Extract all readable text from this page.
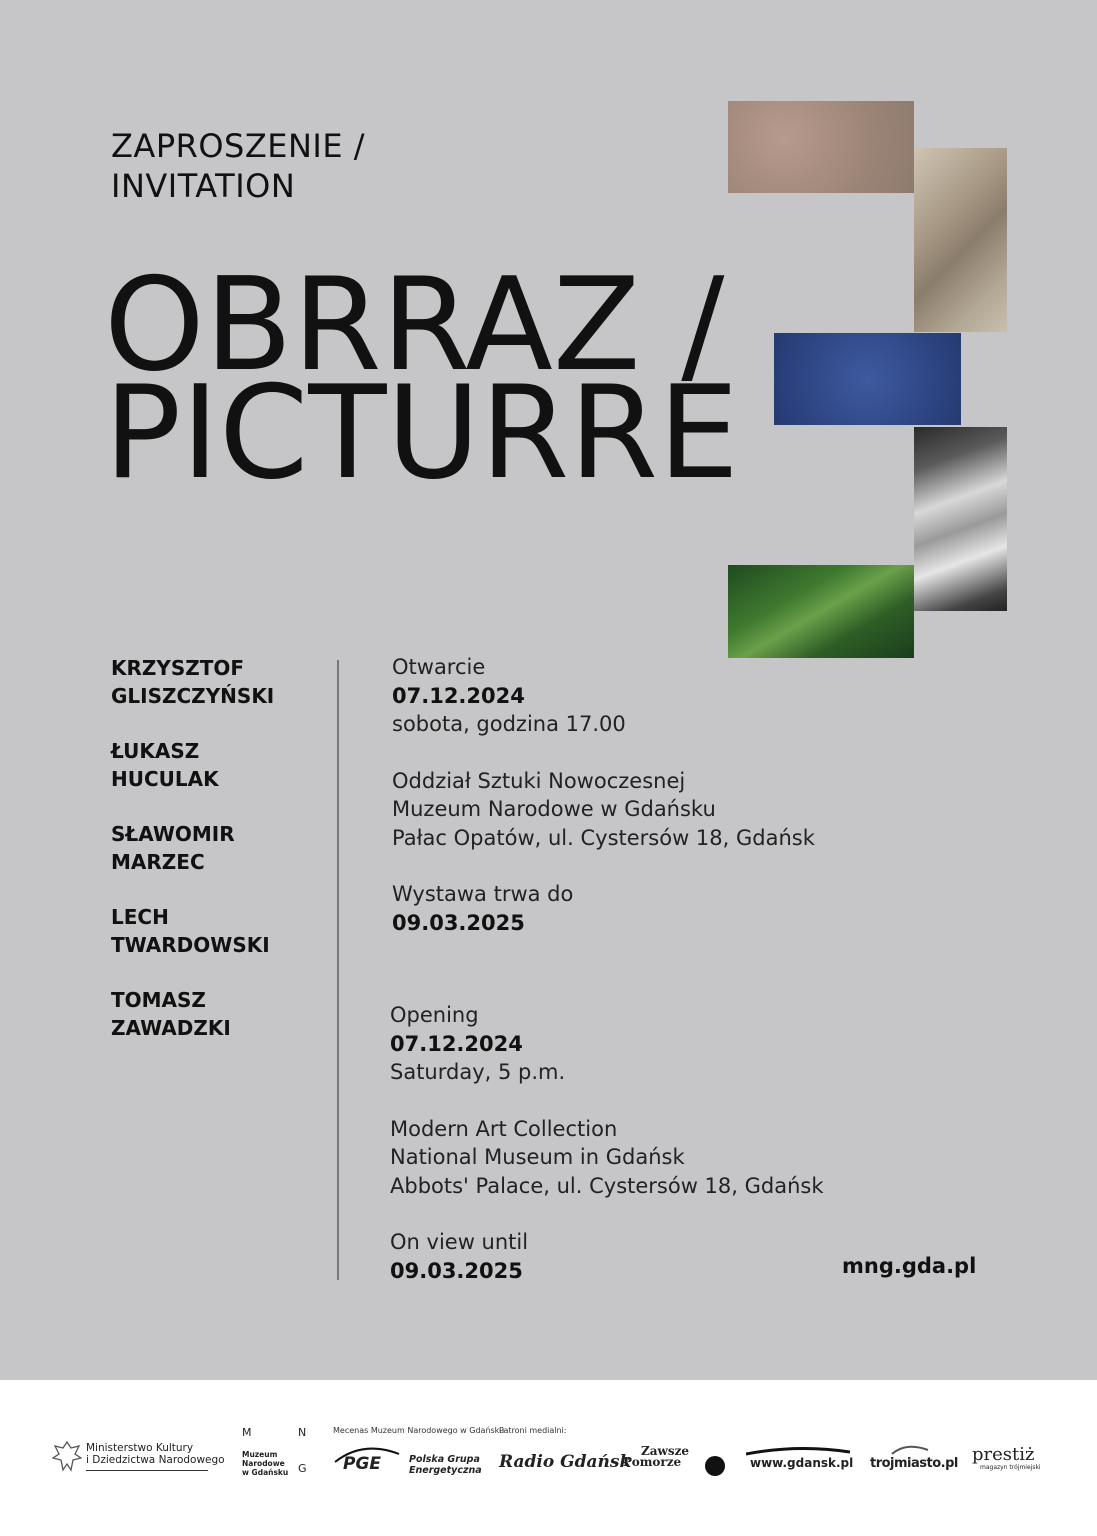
ZAPROSZENIE /
INVITATION
OBRRAZ /
PICTURRE
KRZYSZTOF
GLISZCZYŃSKI
ŁUKASZ
HUCULAK
SŁAWOMIR
MARZEC
LECH
TWARDOWSKI
TOMASZ
ZAWADZKI
Otwarcie
07.12.2024
sobota, godzina 17.00
Oddział Sztuki Nowoczesnej
Muzeum Narodowe w Gdańsku
Pałac Opatów, ul. Cystersów 18, Gdańsk
Wystawa trwa do
09.03.2025
Opening
07.12.2024
Saturday, 5 p.m.
Modern Art Collection
National Museum in Gdańsk
Abbots' Palace, ul. Cystersów 18, Gdańsk
On view until
09.03.2025	mng.gda.pl
Ministerstwo Kultury
i Dziedzictwa Narodowego
M	N
G
Muzeum
Narodowe
w Gdańsku
Mecenas Muzeum Narodowego w Gdańsku
PGE	Polska Grupa
Energetyczna
Patroni medialni:
Radio Gdańsk
Zawsze
Pomorze	www.gdansk.pl trojmiasto.pl prestiż
magazyn trójmiejski
